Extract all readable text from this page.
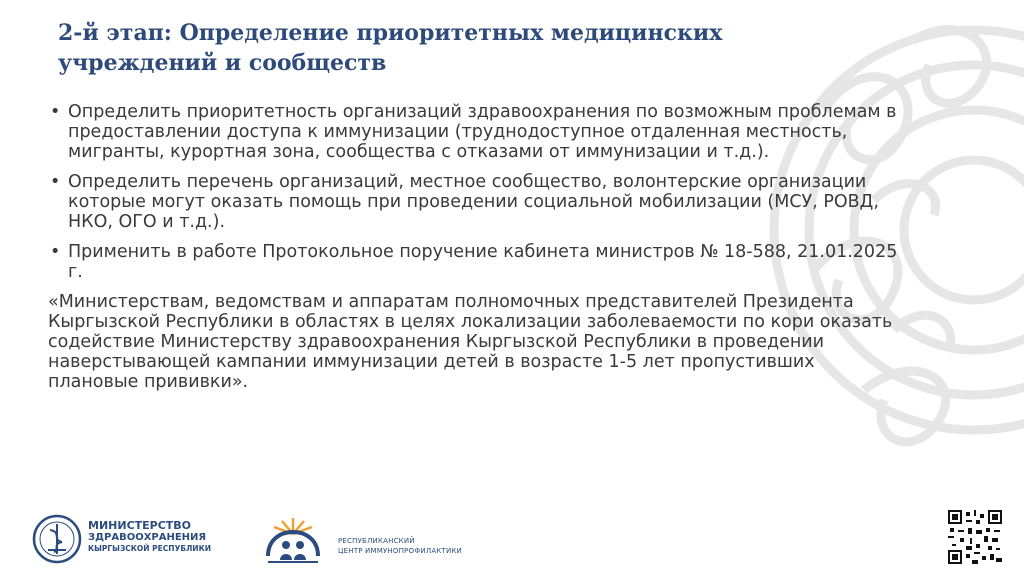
2-й этап: Определение приоритетных медицинских учреждений и сообществ
• Определить приоритетность организаций здравоохранения по возможным проблемам в предоставлении доступа к иммунизации (труднодоступное отдаленная местность, мигранты, курортная зона, сообщества с отказами от иммунизации и т.д.).
• Определить перечень организаций, местное сообщество, волонтерские организации которые могут оказать помощь при проведении социальной мобилизации (МСУ, РОВД, НКО, ОГО и т.д.).
• Применить в работе Протокольное поручение кабинета министров № 18-588, 21.01.2025 г.
«Министерствам, ведомствам и аппаратам полномочных представителей Президента Кыргызской Республики в областях в целях локализации заболеваемости по кори оказать содействие Министерству здравоохранения Кыргызской Республики в проведении наверстывающей кампании иммунизации детей в возрасте 1-5 лет пропустивших плановые прививки».
МИНИСТЕРСТВО
ЗДРАВООХРАНЕНИЯ
КЫРГЫЗСКОЙ РЕСПУБЛИКИ
РЕСПУБЛИКАНСКИЙ
ЦЕНТР ИММУНОПРОФИЛАКТИКИ
